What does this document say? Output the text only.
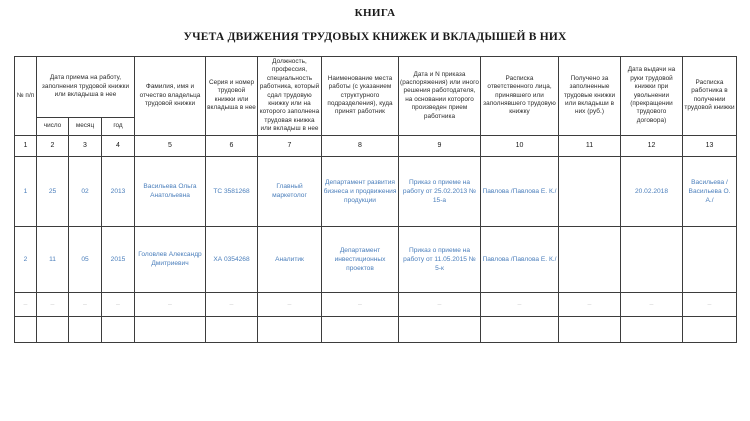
КНИГА
УЧЕТА ДВИЖЕНИЯ ТРУДОВЫХ КНИЖЕК И ВКЛАДЫШЕЙ В НИХ
№ п/п	Дата приема на работу, заполнения трудовой книжки или вкладыша в нее			Фамилия, имя и отчество владельца трудовой книжки	Серия и номер трудовой книжки или вкладыша в нее	Должность, профессия, специальность работника, который сдал трудовую книжку или на которого заполнена трудовая книжка или вкладыш в нее	Наименование места работы (с указанием структурного подразделения), куда принят работник	Дата и N приказа (распоряжения) или иного решения работодателя, на основании которого произведен прием работника	Расписка ответственного лица, принявшего или заполнявшего трудовую книжку	Получено за заполненные трудовые книжки или вкладыши в них (руб.)	Дата выдачи на руки трудовой книжки при увольнении (прекращении трудового договора)	Расписка работника в получении трудовой книжки
	число	месяц	год									
1	2	3	4	5	6	7	8	9	10	11	12	13
1	25	02	2013	Васильева Ольга Анатольевна	ТС 3581268	Главный маркетолог	Департамент развития бизнеса и продвижения продукции	Приказ о приеме на работу от 25.02.2013 № 15-а	Павлова /Павлова Е. К./		20.02.2018	Васильева /Васильева О. А./
2	11	05	2015	Головлев Александр Дмитриевич	ХА 0354268	Аналитик	Департамент инвестиционных проектов	Приказ о приеме на работу от 11.05.2015 № 5-к	Павлова /Павлова Е. К./			
–	–	–	–	–	–	–	–	–	–	–	–	–
